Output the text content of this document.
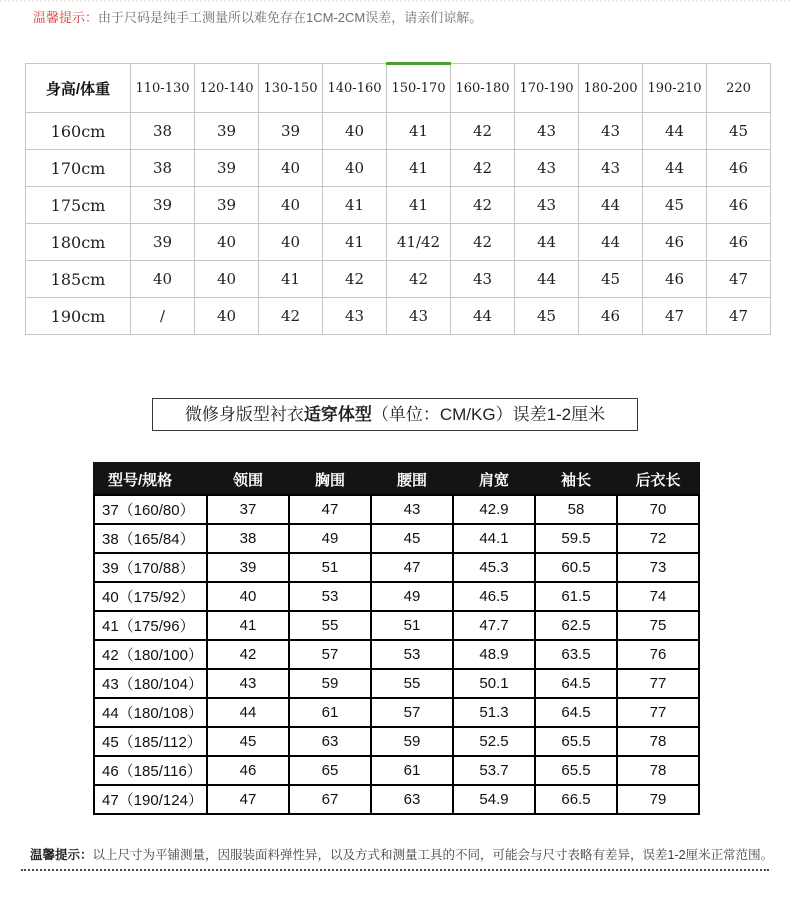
温馨提示：由于尺码是纯手工测量所以难免存在1CM-2CM误差，请亲们谅解。
身高/体重	110-130	120-140	130-150	140-160	150-170	160-180	170-190	180-200	190-210	220
160cm	38	39	39	40	41	42	43	43	44	45
170cm	38	39	40	40	41	42	43	43	44	46
175cm	39	39	40	41	41	42	43	44	45	46
180cm	39	40	40	41	41/42	42	44	44	46	46
185cm	40	40	41	42	42	43	44	45	46	47
190cm	/	40	42	43	43	44	45	46	47	47
微修身版型衬衣适穿体型（单位：CM/KG）误差1-2厘米
型号/规格	领围	胸围	腰围	肩宽	袖长	后衣长
37（160/80）	37	47	43	42.9	58	70
38（165/84）	38	49	45	44.1	59.5	72
39（170/88）	39	51	47	45.3	60.5	73
40（175/92）	40	53	49	46.5	61.5	74
41（175/96）	41	55	51	47.7	62.5	75
42（180/100）	42	57	53	48.9	63.5	76
43（180/104）	43	59	55	50.1	64.5	77
44（180/108）	44	61	57	51.3	64.5	77
45（185/112）	45	63	59	52.5	65.5	78
46（185/116）	46	65	61	53.7	65.5	78
47（190/124）	47	67	63	54.9	66.5	79
温馨提示：以上尺寸为平铺测量，因服装面料弹性异，以及方式和测量工具的不同，可能会与尺寸表略有差异，误差1-2厘米正常范围。
